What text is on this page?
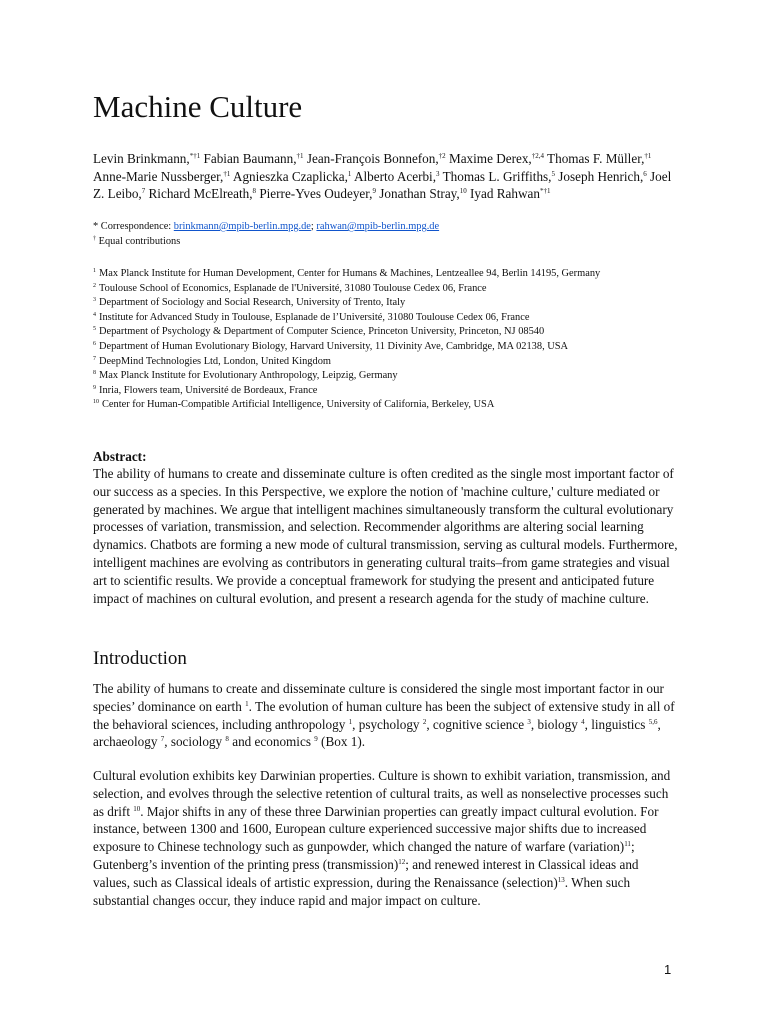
Machine Culture
Levin Brinkmann,$^{*\dagger 1}$ Fabian Baumann,$^{\dagger 1}$ Jean-François Bonnefon,$^{\dagger 2}$ Maxime Derex,$^{\dagger 2,4}$ Thomas F. Müller,$^{\dagger 1}$ Anne-Marie Nussberger,$^{\dagger 1}$ Agnieszka Czaplicka,$^1$ Alberto Acerbi,$^3$ Thomas L. Griffiths,$^5$ Joseph Henrich,$^6$ Joel Z. Leibo,$^7$ Richard McElreath,$^8$ Pierre-Yves Oudeyer,$^9$ Jonathan Stray,$^{10}$ Iyad Rahwan$^{*\dagger 1}$
* Correspondence: brinkmann@mpib-berlin.mpg.de; rahwan@mpib-berlin.mpg.de
† Equal contributions
$^1$ Max Planck Institute for Human Development, Center for Humans & Machines, Lentzeallee 94, Berlin 14195, Germany
$^2$ Toulouse School of Economics, Esplanade de l'Université, 31080 Toulouse Cedex 06, France
$^3$ Department of Sociology and Social Research, University of Trento, Italy
$^4$ Institute for Advanced Study in Toulouse, Esplanade de l’Université, 31080 Toulouse Cedex 06, France
$^5$ Department of Psychology & Department of Computer Science, Princeton University, Princeton, NJ 08540
$^6$ Department of Human Evolutionary Biology, Harvard University, 11 Divinity Ave, Cambridge, MA 02138, USA
$^7$ DeepMind Technologies Ltd, London, United Kingdom
$^8$ Max Planck Institute for Evolutionary Anthropology, Leipzig, Germany
$^9$ Inria, Flowers team, Université de Bordeaux, France
$^{10}$ Center for Human-Compatible Artificial Intelligence, University of California, Berkeley, USA
Abstract:
The ability of humans to create and disseminate culture is often credited as the single most important factor of our success as a species. In this Perspective, we explore the notion of 'machine culture,' culture mediated or generated by machines. We argue that intelligent machines simultaneously transform the cultural evolutionary processes of variation, transmission, and selection. Recommender algorithms are altering social learning dynamics. Chatbots are forming a new mode of cultural transmission, serving as cultural models. Furthermore, intelligent machines are evolving as contributors in generating cultural traits–from game strategies and visual art to scientific results. We provide a conceptual framework for studying the present and anticipated future impact of machines on cultural evolution, and present a research agenda for the study of machine culture.
Introduction
The ability of humans to create and disseminate culture is considered the single most important factor in our species’ dominance on earth $^1$. The evolution of human culture has been the subject of extensive study in all of the behavioral sciences, including anthropology $^1$, psychology $^2$, cognitive science $^3$, biology $^4$, linguistics $^{5,6}$, archaeology $^7$, sociology $^8$ and economics $^9$ (Box 1).
Cultural evolution exhibits key Darwinian properties. Culture is shown to exhibit variation, transmission, and selection, and evolves through the selective retention of cultural traits, as well as nonselective processes such as drift $^{10}$. Major shifts in any of these three Darwinian properties can greatly impact cultural evolution. For instance, between 1300 and 1600, European culture experienced successive major shifts due to increased exposure to Chinese technology such as gunpowder, which changed the nature of warfare (variation)$^{11}$; Gutenberg’s invention of the printing press (transmission)$^{12}$; and renewed interest in Classical ideas and values, such as Classical ideals of artistic expression, during the Renaissance (selection)$^{13}$. When such substantial changes occur, they induce rapid and major impact on culture.
1
